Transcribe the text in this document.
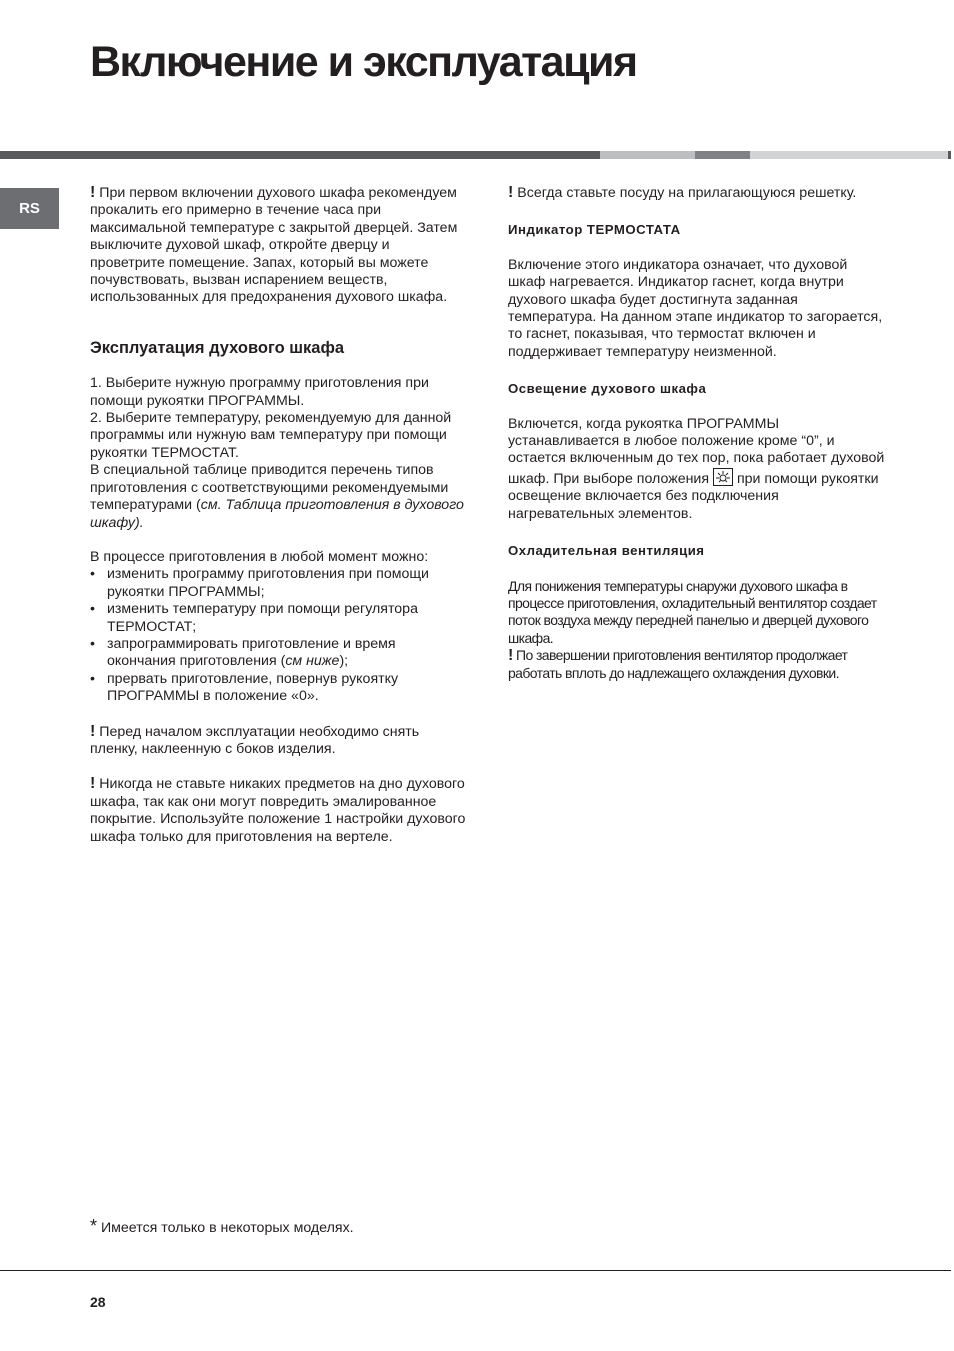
Включение и эксплуатация
RS

! При первом включении духового шкафа рекомендуем прокалить его примерно в течение часа при максимальной температуре с закрытой дверцей. Затем выключите духовой шкаф, откройте дверцу и проветрите помещение. Запах, который вы можете почувствовать, вызван испарением веществ, использованных для предохранения духового шкафа.

Эксплуатация духового шкафа

1. Выберите нужную программу приготовления при помощи рукоятки ПРОГРАММЫ.

2. Выберите температуру, рекомендуемую для данной программы или нужную вам температуру при помощи рукоятки ТЕРМОСТАТ.

В специальной таблице приводится перечень типов приготовления с соответствующими рекомендуемыми температурами (см. Таблица приготовления в духового шкафу).

В процессе приготовления в любой момент можно:

• изменить программу приготовления при помощи рукоятки ПРОГРАММЫ;
• изменить температуру при помощи регулятора ТЕРМОСТАТ;
• запрограммировать приготовление и время окончания приготовления (см ниже);
• прервать приготовление, повернув рукоятку ПРОГРАММЫ в положение «0».

! Перед началом эксплуатации необходимо снять пленку, наклеенную с боков изделия.

! Никогда не ставьте никаких предметов на дно духового шкафа, так как они могут повредить эмалированное покрытие. Используйте положение 1 настройки духового шкафа только для приготовления на вертеле.

! Всегда ставьте посуду на прилагающуюся решетку.

Индикатор ТЕРМОСТАТА

Включение этого индикатора означает, что духовой шкаф нагревается. Индикатор гаснет, когда внутри духового шкафа будет достигнута заданная температура. На данном этапе индикатор то загорается, то гаснет, показывая, что термостат включен и поддерживает температуру неизменной.

Освещение духового шкафа

Включется, когда рукоятка ПРОГРАММЫ устанавливается в любое положение кроме “0”, и остается включенным до тех пор, пока работает духовой шкаф. При выборе положения при помощи рукоятки освещение включается без подключения нагревательных элементов.

Охладительная вентиляция

Для понижения температуры снаружи духового шкафа в процессе приготовления, охладительный вентилятор создает поток воздуха между передней панелью и дверцей духового шкафа.

! По завершении приготовления вентилятор продолжает работать вплоть до надлежащего охлаждения духовки.

* Имеется только в некоторых моделях.
28
